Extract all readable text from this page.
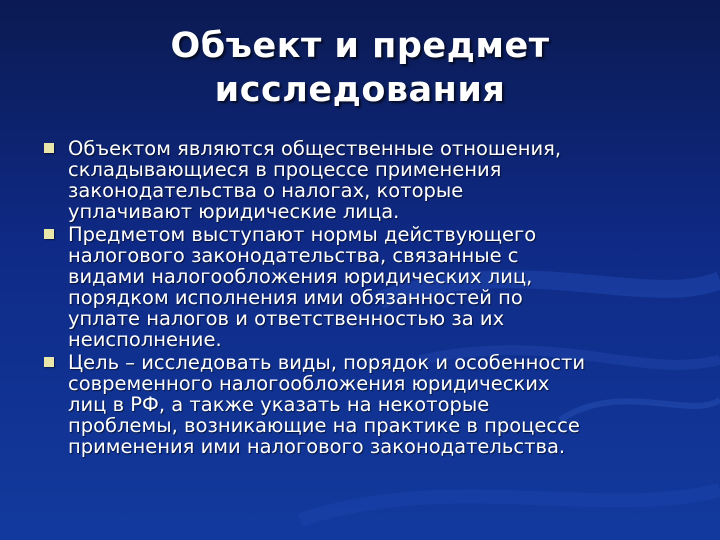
Объект и предмет
исследования
Объектом являются общественные отношения,
складывающиеся в процессе применения
законодательства о налогах, которые
уплачивают юридические лица.
Предметом выступают нормы действующего
налогового законодательства, связанные с
видами налогообложения юридических лиц,
порядком исполнения ими обязанностей по
уплате налогов и ответственностью за их
неисполнение.
Цель – исследовать виды, порядок и особенности
современного налогообложения юридических
лиц в РФ, а также указать на некоторые
проблемы, возникающие на практике в процессе
применения ими налогового законодательства.
